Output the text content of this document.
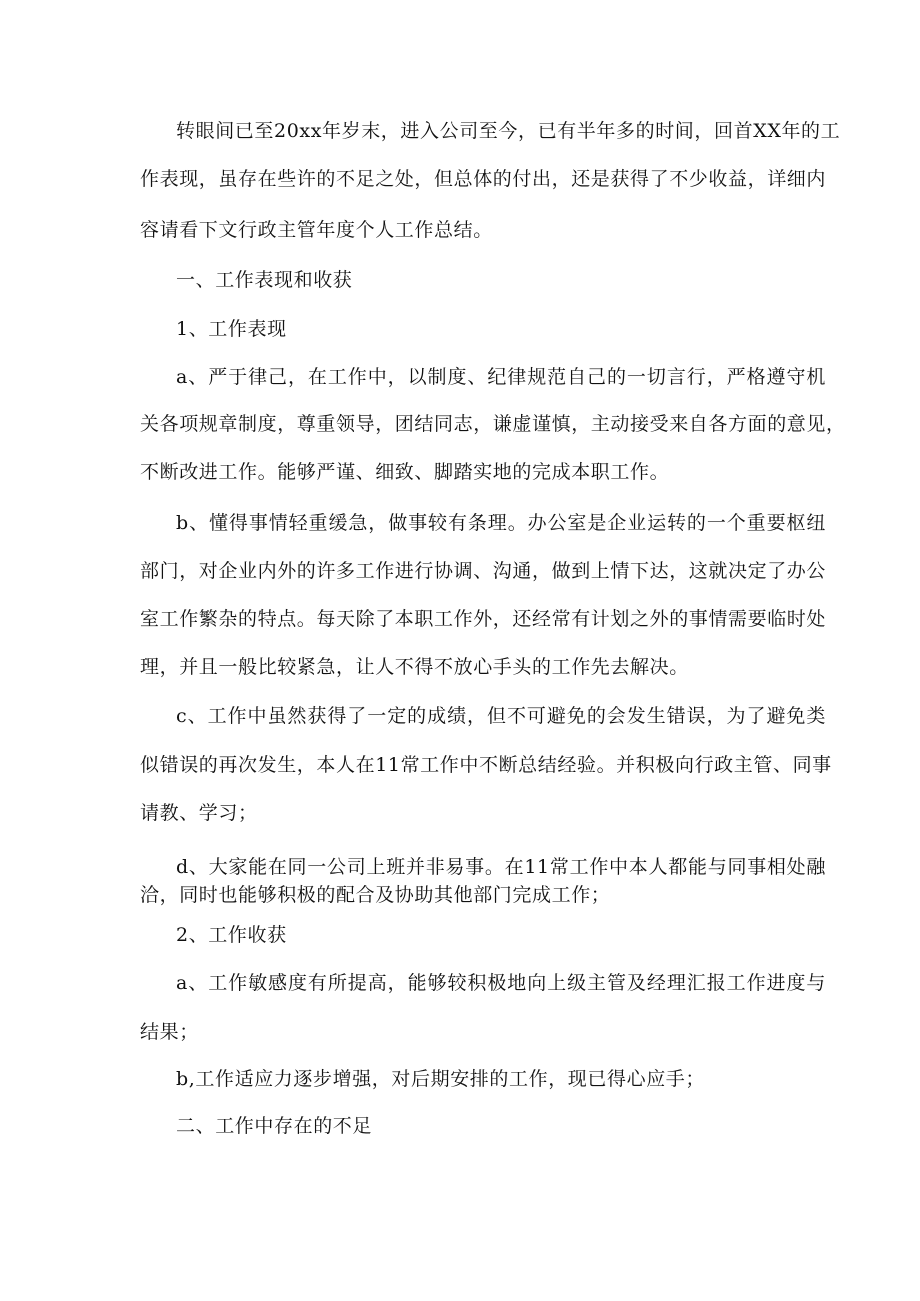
转眼间已至20xx年岁末，进入公司至今，已有半年多的时间，回首XX年的工
作表现，虽存在些许的不足之处，但总体的付出，还是获得了不少收益，详细内
容请看下文行政主管年度个人工作总结。
一、工作表现和收获
1、工作表现
a、严于律己，在工作中，以制度、纪律规范自己的一切言行，严格遵守机
关各项规章制度，尊重领导，团结同志，谦虚谨慎，主动接受来自各方面的意见，
不断改进工作。能够严谨、细致、脚踏实地的完成本职工作。
b、懂得事情轻重缓急，做事较有条理。办公室是企业运转的一个重要枢纽
部门，对企业内外的许多工作进行协调、沟通，做到上情下达，这就决定了办公
室工作繁杂的特点。每天除了本职工作外，还经常有计划之外的事情需要临时处
理，并且一般比较紧急，让人不得不放心手头的工作先去解决。
c、工作中虽然获得了一定的成绩，但不可避免的会发生错误，为了避免类
似错误的再次发生，本人在11常工作中不断总结经验。并积极向行政主管、同事
请教、学习；
d、大家能在同一公司上班并非易事。在11常工作中本人都能与同事相处融
洽，同时也能够积极的配合及协助其他部门完成工作；
2、工作收获
a、工作敏感度有所提高，能够较积极地向上级主管及经理汇报工作进度与
结果；
b,工作适应力逐步增强，对后期安排的工作，现已得心应手；
二、工作中存在的不足
